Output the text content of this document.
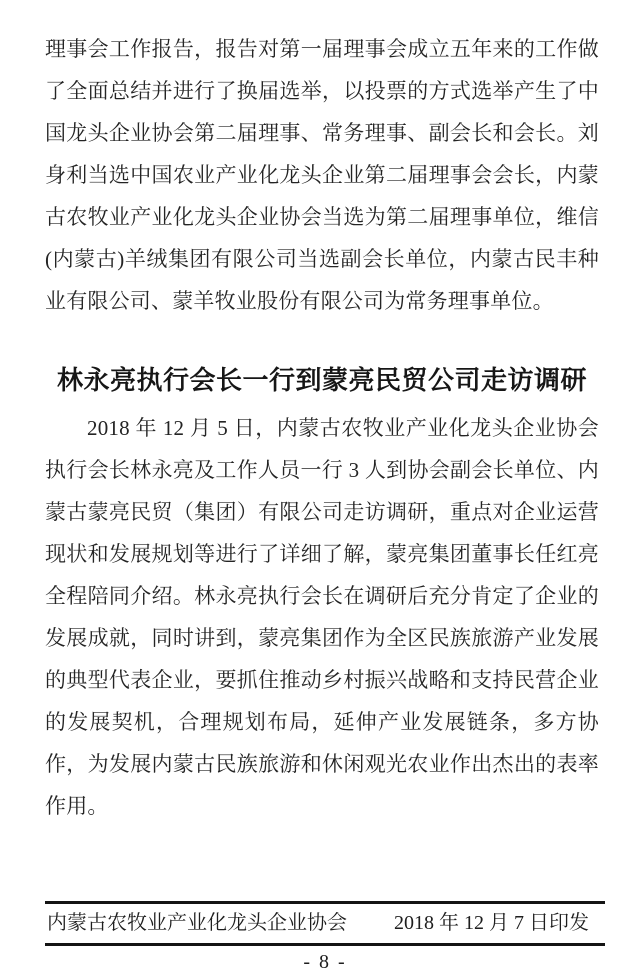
理事会工作报告，报告对第一届理事会成立五年来的工作做了全面总结并进行了换届选举，以投票的方式选举产生了中国龙头企业协会第二届理事、常务理事、副会长和会长。刘身利当选中国农业产业化龙头企业第二届理事会会长，内蒙古农牧业产业化龙头企业协会当选为第二届理事单位，维信(内蒙古)羊绒集团有限公司当选副会长单位，内蒙古民丰种业有限公司、蒙羊牧业股份有限公司为常务理事单位。

林永亮执行会长一行到蒙亮民贸公司走访调研

2018 年 12 月 5 日，内蒙古农牧业产业化龙头企业协会执行会长林永亮及工作人员一行 3 人到协会副会长单位、内蒙古蒙亮民贸（集团）有限公司走访调研，重点对企业运营现状和发展规划等进行了详细了解，蒙亮集团董事长任红亮全程陪同介绍。林永亮执行会长在调研后充分肯定了企业的发展成就，同时讲到，蒙亮集团作为全区民族旅游产业发展的典型代表企业，要抓住推动乡村振兴战略和支持民营企业的发展契机，合理规划布局，延伸产业发展链条，多方协作，为发展内蒙古民族旅游和休闲观光农业作出杰出的表率作用。

内蒙古农牧业产业化龙头企业协会 2018 年 12 月 7 日印发
- 8 -
